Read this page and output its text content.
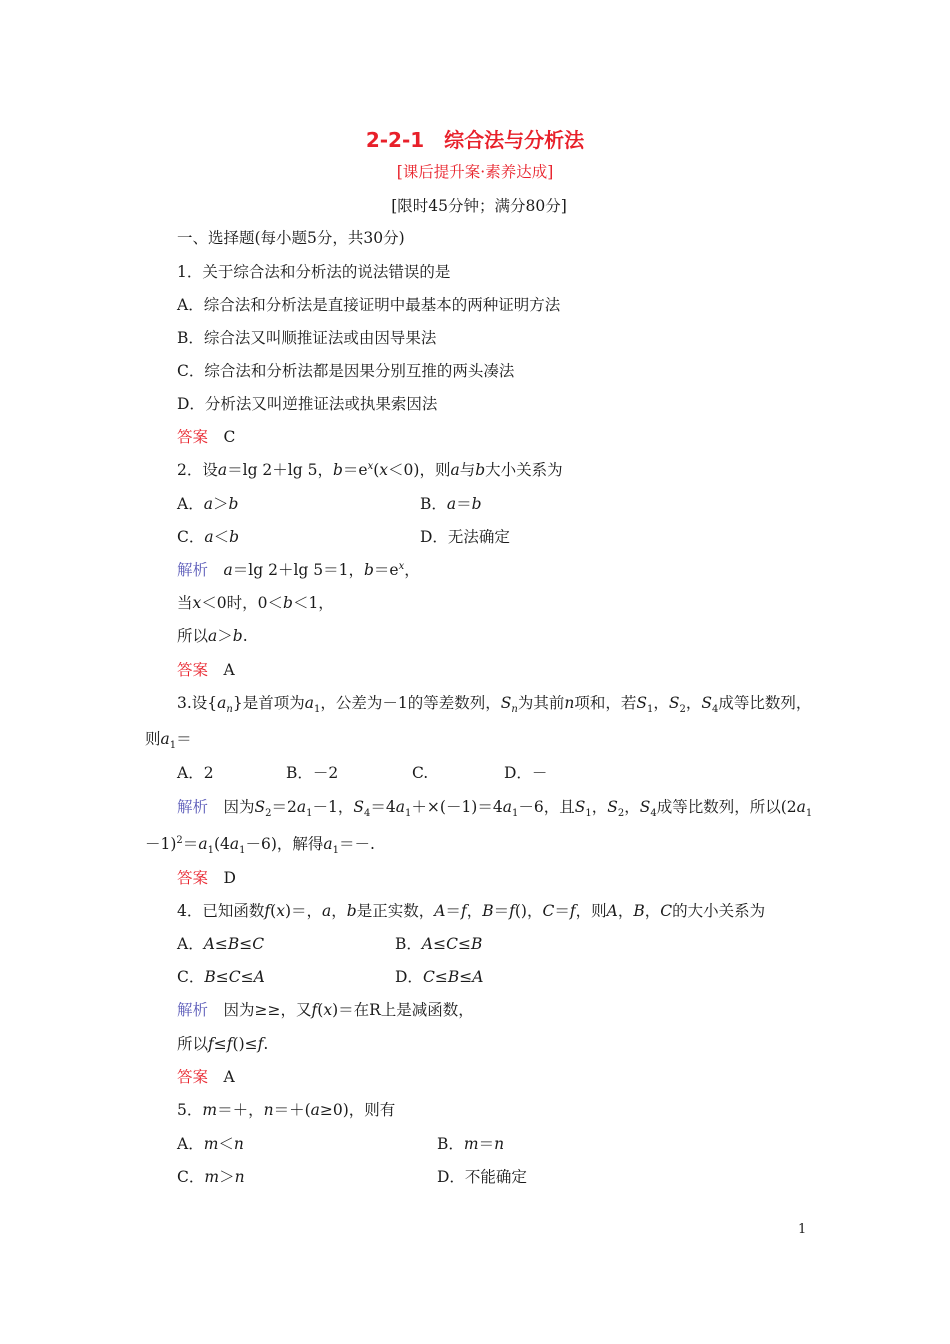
2-2-1　综合法与分析法
[课后提升案·素养达成]
[限时45分钟；满分80分]
一、选择题(每小题5分，共30分)
1．关于综合法和分析法的说法错误的是
A．综合法和分析法是直接证明中最基本的两种证明方法
B．综合法又叫顺推证法或由因导果法
C．综合法和分析法都是因果分别互推的两头凑法
D．分析法又叫逆推证法或执果索因法
答案　 C
2．设a＝lg 2＋lg 5，$b=e^x(x<0)$，则a与b大小关系为
A．a＞b	B．a＝b
C．a＜b	D．无法确定
解析　 a＝lg 2＋lg 5＝1，$b=e^x$，
当x＜0时，0＜b＜1，
所以a＞b.
答案　 A
3.设$\{a_n\}$是首项为$a_1$，公差为－1的等差数列，$S_n$为其前n项和，若$S_1$，$S_2$，$S_4$成等比数列，
则$a_1=$
A．2	B．－2	C.	D．－
解析　因为$S_2=2a_1-1$，$S_4=4a_1+\times(-1)=4a_1-6$，且$S_1$，$S_2$，$S_4$成等比数列，所以($2a_1$
$-1)^2=a_1(4a_1-6)$，解得$a_1=-$.
答案　 D
4．已知函数f(x)＝，a，b是正实数，A＝f，B＝f()，C＝f，则A，B，C的大小关系为
A．A≤B≤C	B．A≤C≤B
C．B≤C≤A	D．C≤B≤A
解析　因为≥≥，又f(x)＝在R上是减函数，
所以f≤f()≤f.
答案　 A
5．m＝＋，n＝＋(a≥0)，则有
A．m＜n	B．m＝n
C．m＞n	D．不能确定
1
